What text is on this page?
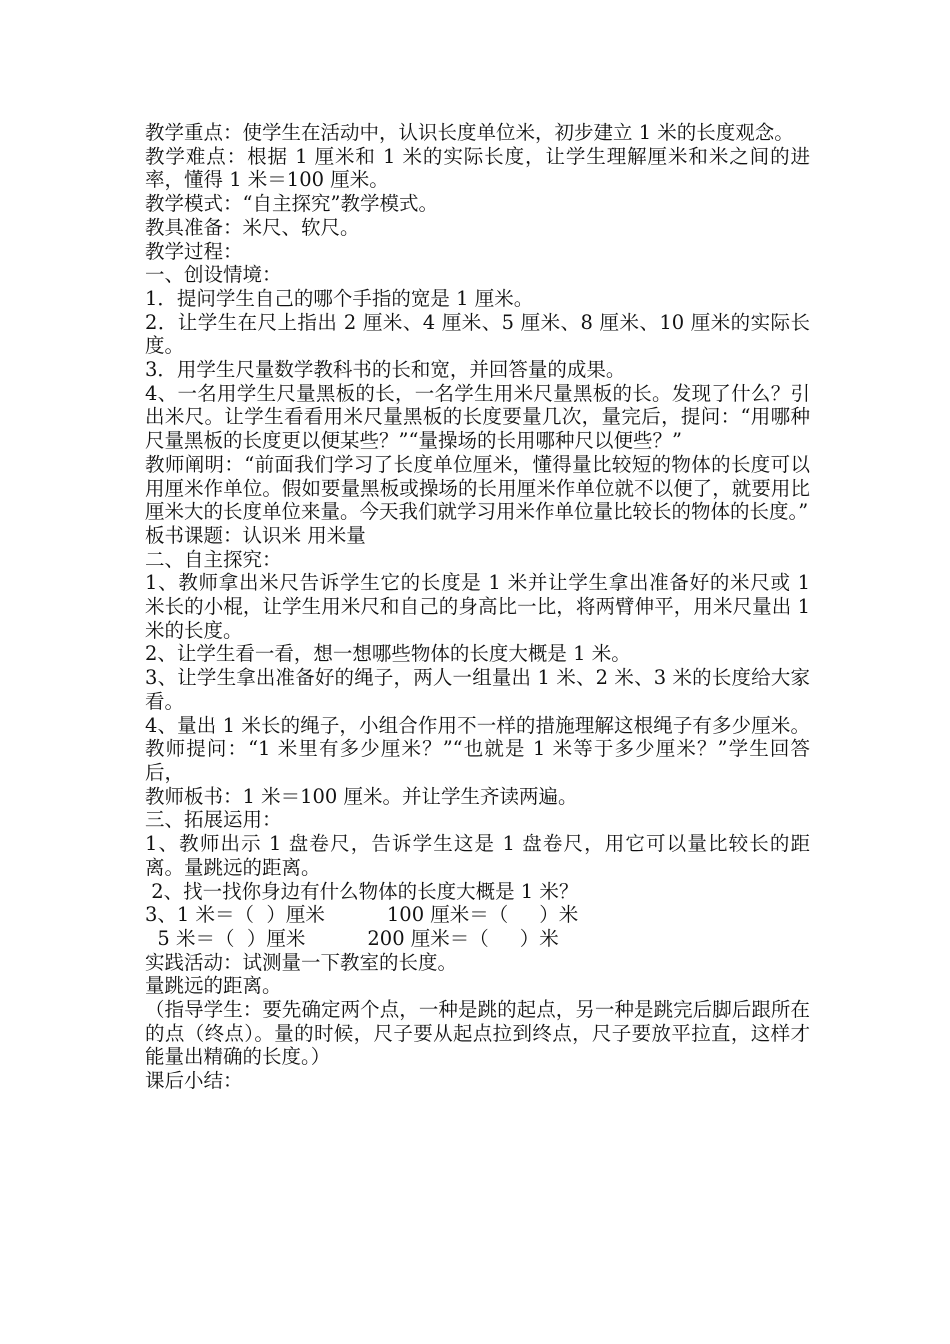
教学重点：使学生在活动中，认识长度单位米，初步建立 1 米的长度观念。

教学难点：根据 1 厘米和 1 米的实际长度，让学生理解厘米和米之间的进率，懂得 1 米＝100 厘米。

教学模式：“自主探究”教学模式。

教具准备：米尺、软尺。

教学过程：

一、创设情境：

1．提问学生自己的哪个手指的宽是 1 厘米。

2．让学生在尺上指出 2 厘米、4 厘米、5 厘米、8 厘米、10 厘米的实际长度。

3．用学生尺量数学教科书的长和宽，并回答量的成果。

4、一名用学生尺量黑板的长，一名学生用米尺量黑板的长。发现了什么？引出米尺。让学生看看用米尺量黑板的长度要量几次，量完后，提问：“用哪种尺量黑板的长度更以便某些？”“量操场的长用哪种尺以便些？”

教师阐明：“前面我们学习了长度单位厘米，懂得量比较短的物体的长度可以用厘米作单位。假如要量黑板或操场的长用厘米作单位就不以便了，就要用比厘米大的长度单位来量。今天我们就学习用米作单位量比较长的物体的长度。”

板书课题：认识米 用米量

二、自主探究：

1、教师拿出米尺告诉学生它的长度是 1 米并让学生拿出准备好的米尺或 1 米长的小棍，让学生用米尺和自己的身高比一比，将两臂伸平，用米尺量出 1 米的长度。

2、让学生看一看，想一想哪些物体的长度大概是 1 米。

3、让学生拿出准备好的绳子，两人一组量出 1 米、2 米、3 米的长度给大家看。

4、量出 1 米长的绳子，小组合作用不一样的措施理解这根绳子有多少厘米。教师提问：“1 米里有多少厘米？”“也就是 1 米等于多少厘米？”学生回答后，

教师板书：1 米＝100 厘米。并让学生齐读两遍。

三、拓展运用：

1、教师出示 1 盘卷尺，告诉学生这是 1 盘卷尺，用它可以量比较长的距离。量跳远的距离。

2、找一找你身边有什么物体的长度大概是 1 米？

3、1 米＝（  ）厘米          100 厘米＝（     ）米

5 米＝（  ）厘米          200 厘米＝（     ）米

实践活动：试测量一下教室的长度。

量跳远的距离。

（指导学生：要先确定两个点，一种是跳的起点，另一种是跳完后脚后跟所在的点（终点）。量的时候，尺子要从起点拉到终点，尺子要放平拉直，这样才能量出精确的长度。）

课后小结：
